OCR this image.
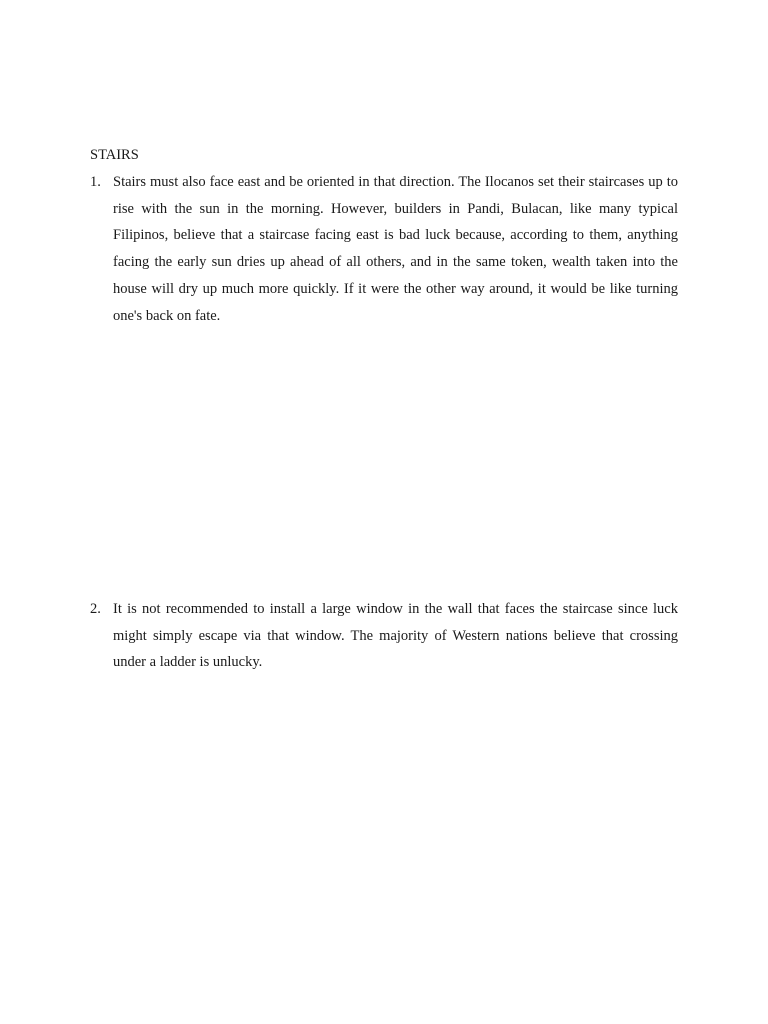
STAIRS
1. Stairs must also face east and be oriented in that direction. The Ilocanos set their staircases up to rise with the sun in the morning. However, builders in Pandi, Bulacan, like many typical Filipinos, believe that a staircase facing east is bad luck because, according to them, anything facing the early sun dries up ahead of all others, and in the same token, wealth taken into the house will dry up much more quickly. If it were the other way around, it would be like turning one's back on fate.

2. It is not recommended to install a large window in the wall that faces the staircase since luck might simply escape via that window. The majority of Western nations believe that crossing under a ladder is unlucky.
